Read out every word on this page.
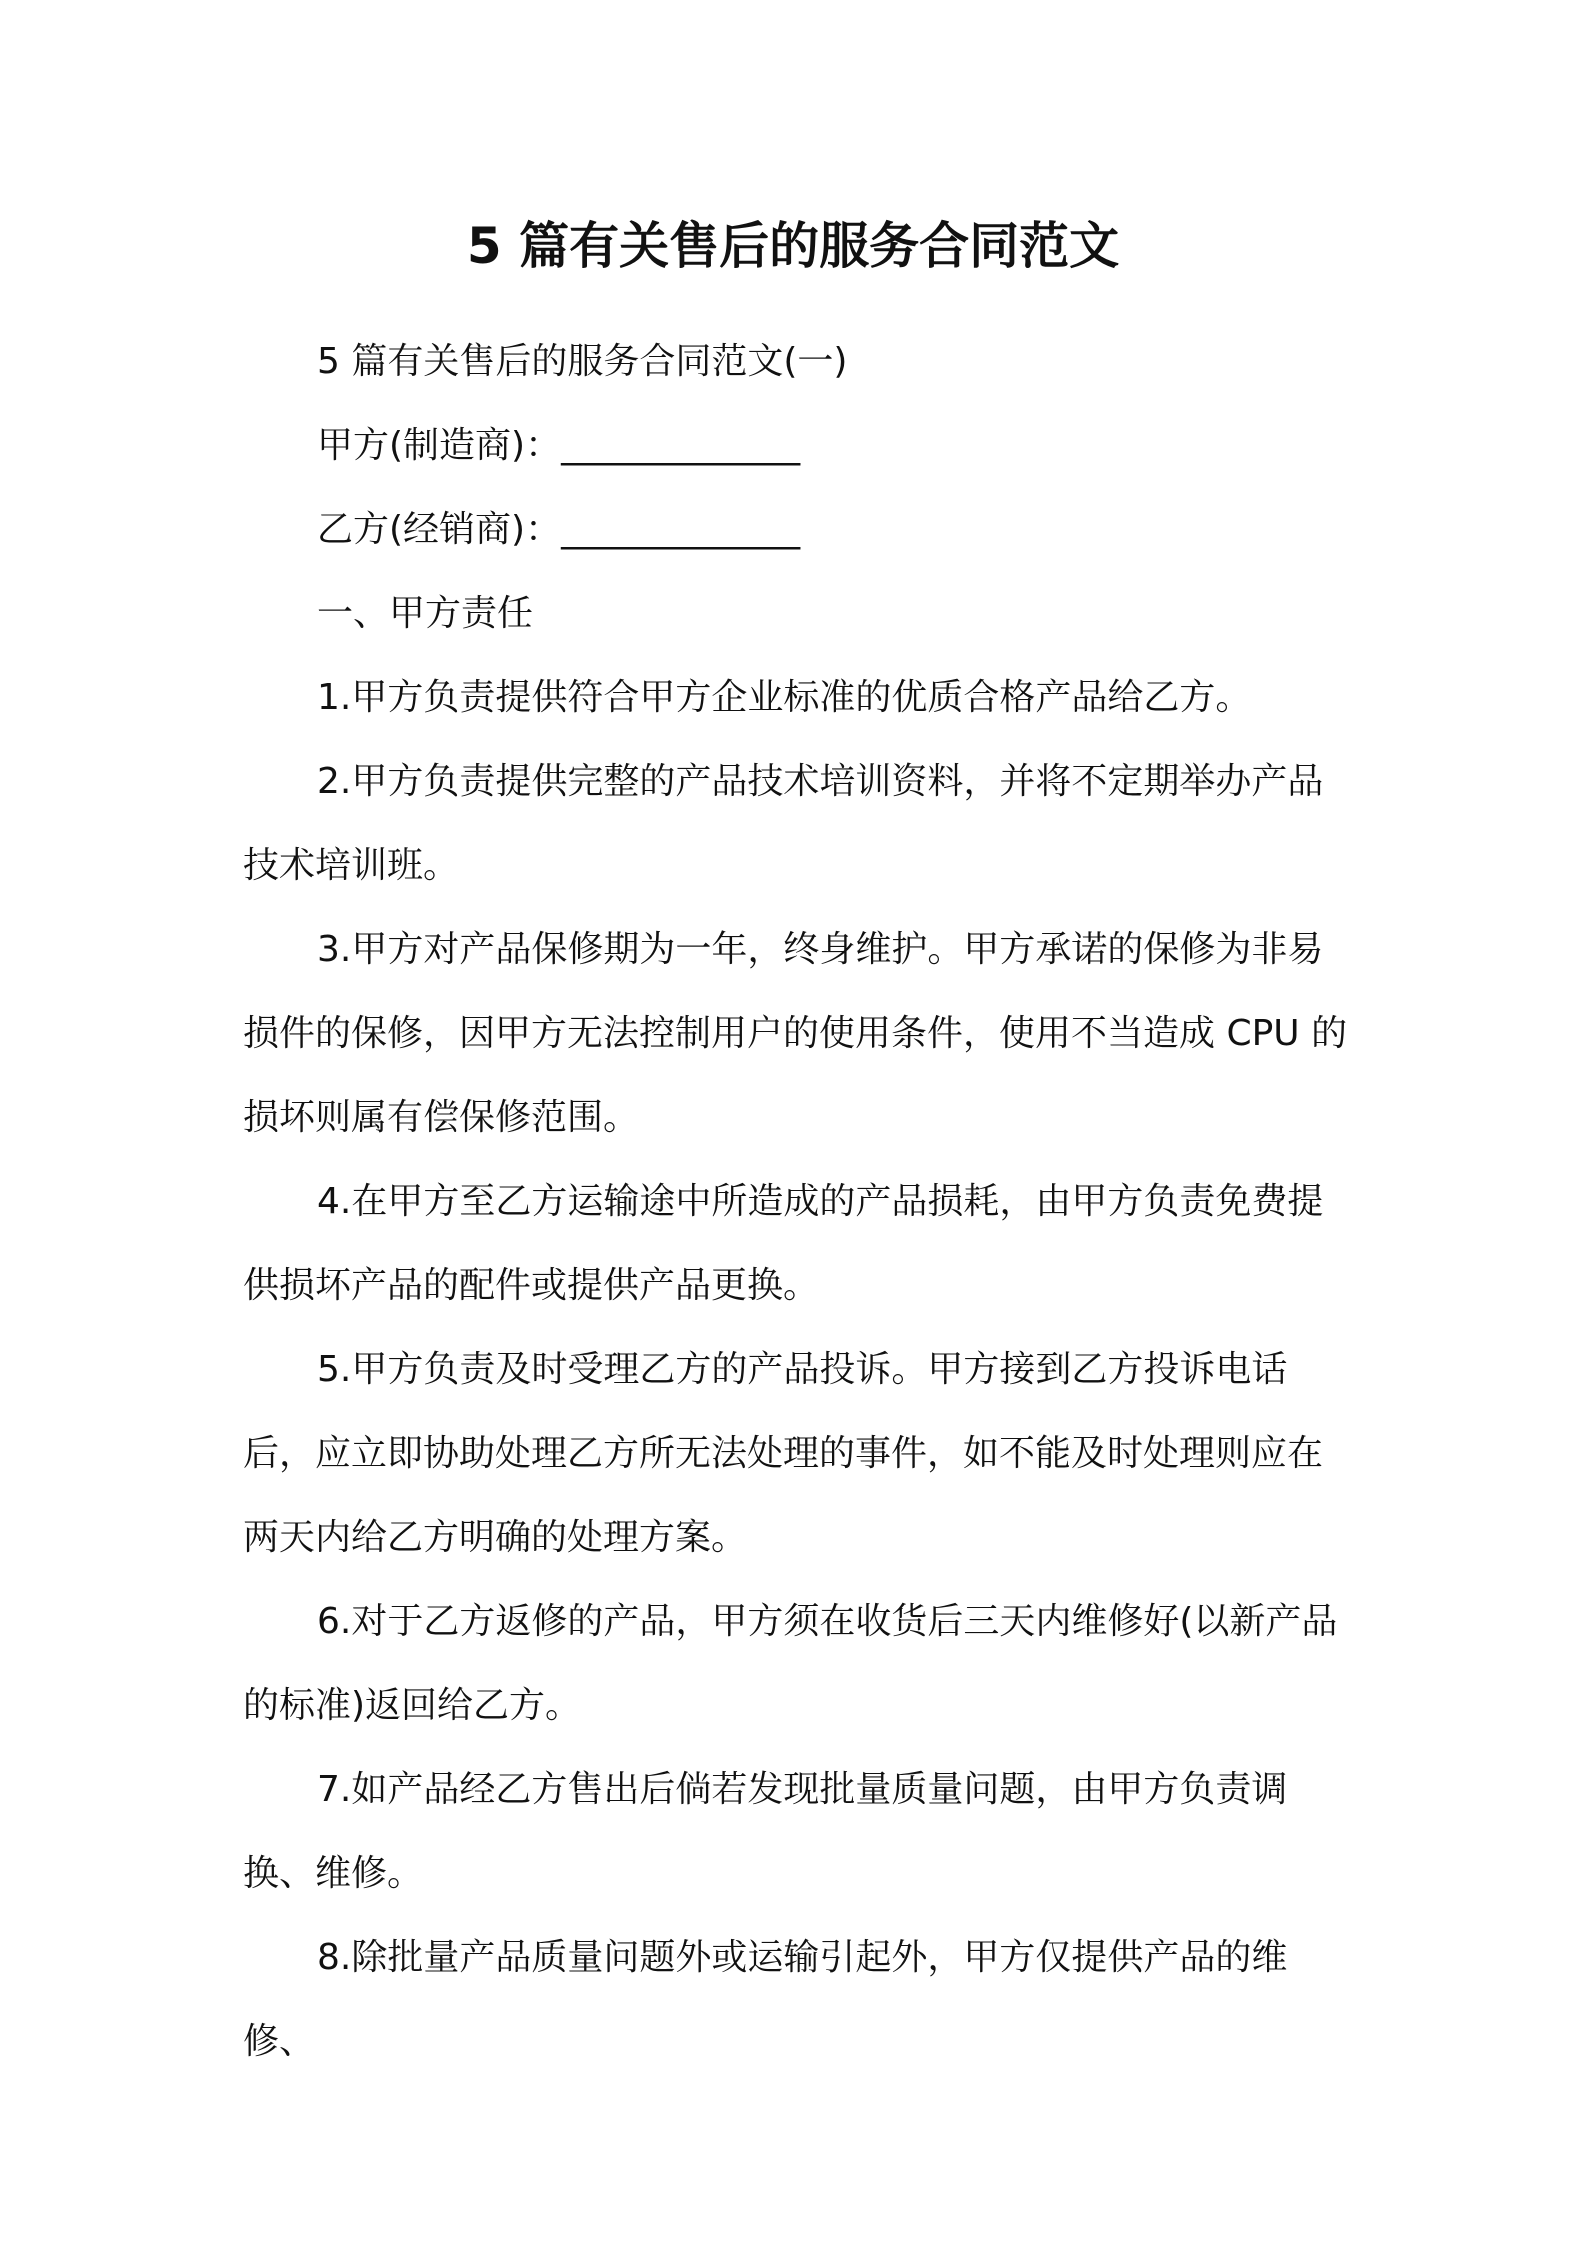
5 篇有关售后的服务合同范文

5 篇有关售后的服务合同范文(一)

甲方(制造商)：______________

乙方(经销商)：______________

一、甲方责任

1.甲方负责提供符合甲方企业标准的优质合格产品给乙方。

2.甲方负责提供完整的产品技术培训资料，并将不定期举办产品技术培训班。

3.甲方对产品保修期为一年，终身维护。甲方承诺的保修为非易损件的保修，因甲方无法控制用户的使用条件，使用不当造成 CPU 的损坏则属有偿保修范围。

4.在甲方至乙方运输途中所造成的产品损耗，由甲方负责免费提供损坏产品的配件或提供产品更换。

5.甲方负责及时受理乙方的产品投诉。甲方接到乙方投诉电话后，应立即协助处理乙方所无法处理的事件，如不能及时处理则应在两天内给乙方明确的处理方案。

6.对于乙方返修的产品，甲方须在收货后三天内维修好(以新产品的标准)返回给乙方。

7.如产品经乙方售出后倘若发现批量质量问题，由甲方负责调换、维修。

8.除批量产品质量问题外或运输引起外，甲方仅提供产品的维修、
